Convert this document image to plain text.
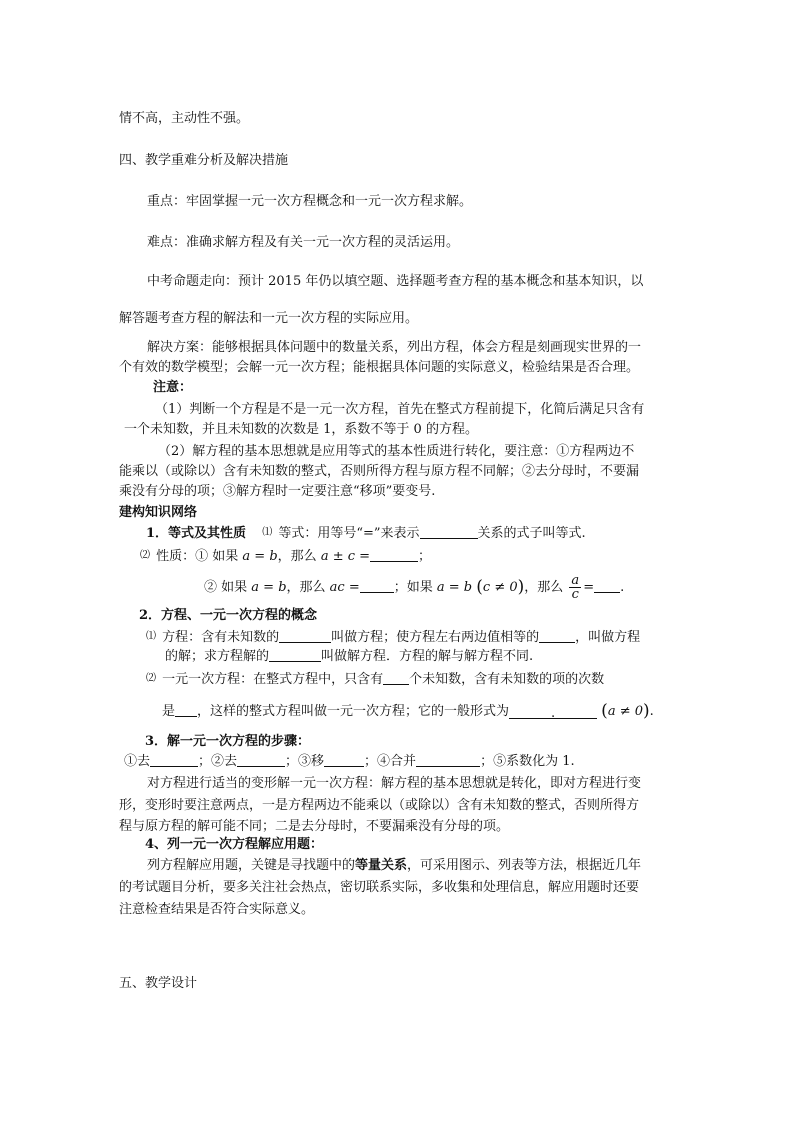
情不高，主动性不强。
四、教学重难分析及解决措施
重点：牢固掌握一元一次方程概念和一元一次方程求解。
难点：准确求解方程及有关一元一次方程的灵活运用。
中考命题走向：预计 2015 年仍以填空题、选择题考查方程的基本概念和基本知识，以
解答题考查方程的解法和一元一次方程的实际应用。
解决方案：能够根据具体问题中的数量关系，列出方程，体会方程是刻画现实世界的一
个有效的数学模型；会解一元一次方程；能根据具体问题的实际意义，检验结果是否合理。
注意：
（1）判断一个方程是不是一元一次方程，首先在整式方程前提下，化简后满足只含有
一个未知数，并且未知数的次数是 1，系数不等于 0 的方程。
（2）解方程的基本思想就是应用等式的基本性质进行转化，要注意：①方程两边不
能乘以（或除以）含有未知数的整式，否则所得方程与原方程不同解；②去分母时，不要漏
乘没有分母的项；③解方程时一定要注意“移项”要变号.
建构知识网络
1．等式及其性质 ⑴ 等式：用等号“=”来表示	关系的式子叫等式.
⑵ 性质：① 如果 a = b，那么 a ± c =	；
② 如果 a = b，那么 ac =	；如果 a = b (c ≠ 0)，那么 $\frac{a}{c}$ = .
2．方程、一元一次方程的概念
⑴ 方程：含有未知数的	叫做方程；使方程左右两边值相等的	，叫做方程
的解；求方程解的	叫做解方程．方程的解与解方程不同.
⑵ 一元一次方程：在整式方程中，只含有 个未知数，含有未知数的项的次数
是 ，这样的整式方程叫做一元一次方程；它的一般形式为	.	(a ≠ 0).
3．解一元一次方程的步骤：
①去	；②去	；③移	；④合并	；⑤系数化为 1.
对方程进行适当的变形解一元一次方程：解方程的基本思想就是转化，即对方程进行变
形，变形时要注意两点，一是方程两边不能乘以（或除以）含有未知数的整式，否则所得方
程与原方程的解可能不同；二是去分母时，不要漏乘没有分母的项。
4、列一元一次方程解应用题：
列方程解应用题，关键是寻找题中的等量关系，可采用图示、列表等方法，根据近几年
的考试题目分析，要多关注社会热点，密切联系实际，多收集和处理信息，解应用题时还要
注意检查结果是否符合实际意义。
五、教学设计
